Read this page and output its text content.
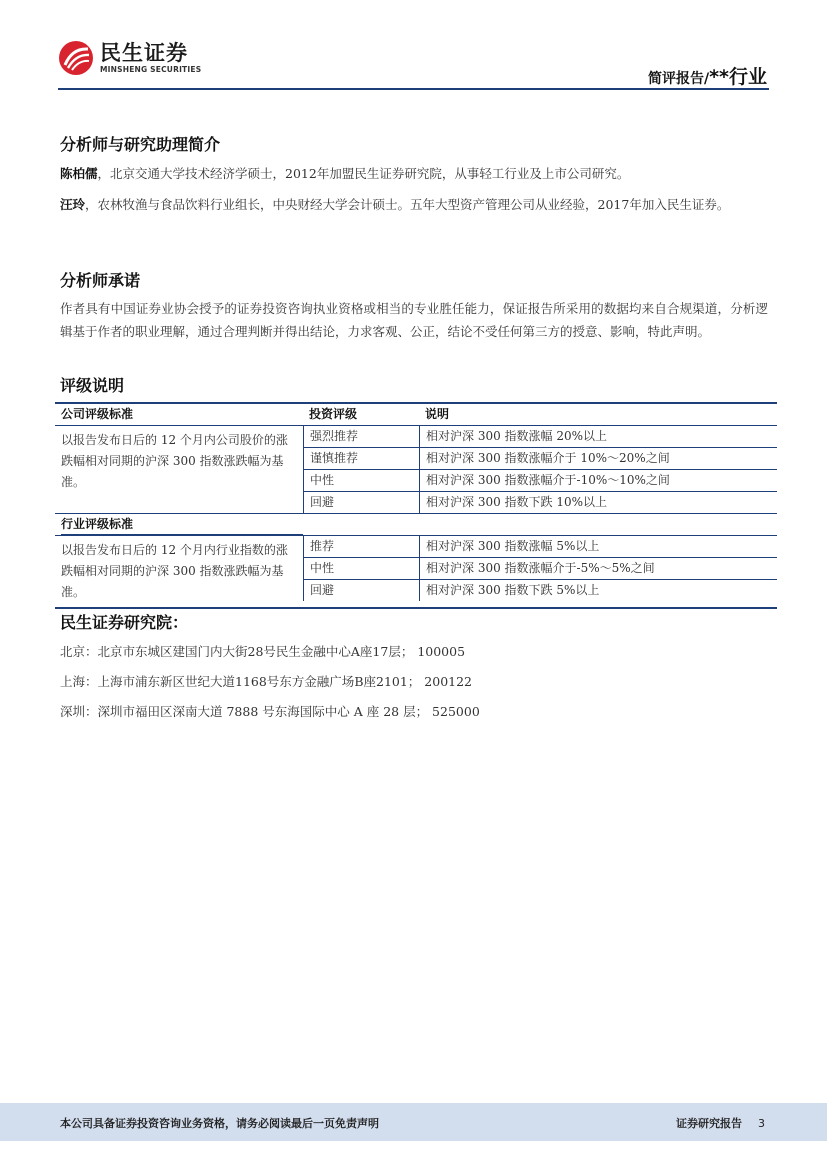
民生证券
MINSHENG SECURITIES
简评报告/**行业
分析师与研究助理简介
陈柏儒，北京交通大学技术经济学硕士，2012年加盟民生证券研究院，从事轻工行业及上市公司研究。
汪玲，农林牧渔与食品饮料行业组长，中央财经大学会计硕士。五年大型资产管理公司从业经验，2017年加入民生证券。
分析师承诺
作者具有中国证券业协会授予的证券投资咨询执业资格或相当的专业胜任能力，保证报告所采用的数据均来自合规渠道，分析逻辑基于作者的职业理解，通过合理判断并得出结论，力求客观、公正，结论不受任何第三方的授意、影响，特此声明。
评级说明
公司评级标准	投资评级	说明
以报告发布日后的 12 个月内公司股价的涨跌幅相对同期的沪深 300 指数涨跌幅为基准。
强烈推荐	相对沪深 300 指数涨幅 20%以上
谨慎推荐	相对沪深 300 指数涨幅介于 10%～20%之间
中性	相对沪深 300 指数涨幅介于-10%～10%之间
回避	相对沪深 300 指数下跌 10%以上
行业评级标准
以报告发布日后的 12 个月内行业指数的涨跌幅相对同期的沪深 300 指数涨跌幅为基准。
推荐	相对沪深 300 指数涨幅 5%以上
中性	相对沪深 300 指数涨幅介于-5%～5%之间
回避	相对沪深 300 指数下跌 5%以上
民生证券研究院：
北京：北京市东城区建国门内大街28号民生金融中心A座17层； 100005
上海：上海市浦东新区世纪大道1168号东方金融广场B座2101； 200122
深圳：深圳市福田区深南大道 7888 号东海国际中心 A 座 28 层； 525000
本公司具备证券投资咨询业务资格，请务必阅读最后一页免责声明	证券研究报告 3
